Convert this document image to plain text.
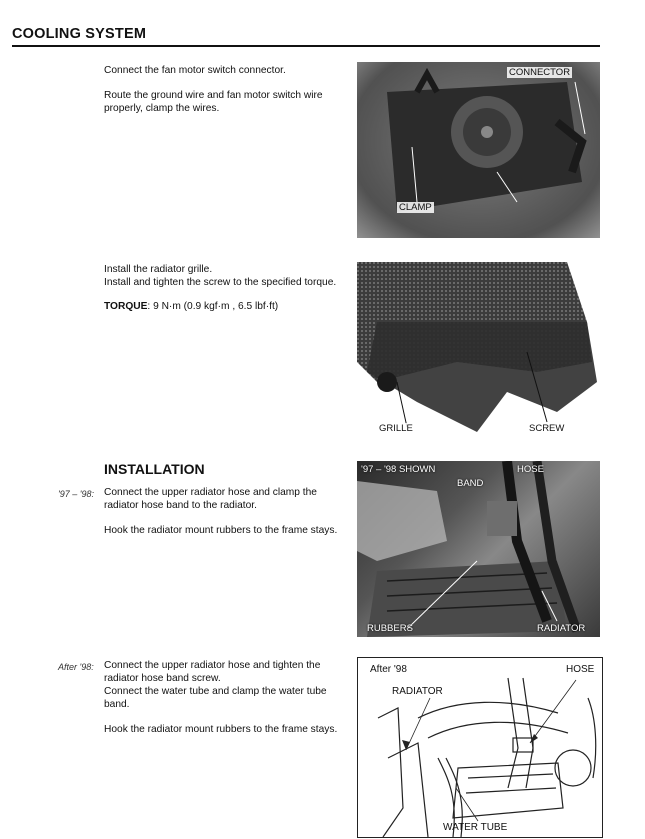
COOLING SYSTEM
Connect the fan motor switch connector.
Route the ground wire and fan motor switch wire
properly, clamp the wires.
CONNECTOR
CLAMP
Install the radiator grille.
Install and tighten the screw to the specified torque.
TORQUE: 9 N·m (0.9 kgf·m , 6.5 lbf·ft)
GRILLE	SCREW
INSTALLATION
'97 – '98: Connect the upper radiator hose and clamp the
radiator hose band to the radiator.
Hook the radiator mount rubbers to the frame stays.
'97 – '98 SHOWN	HOSE
BAND
RUBBERS	RADIATOR
After '98: Connect the upper radiator hose and tighten the
radiator hose band screw.
Connect the water tube and clamp the water tube
band.
Hook the radiator mount rubbers to the frame stays.
After '98	HOSE
RADIATOR
WATER TUBE
